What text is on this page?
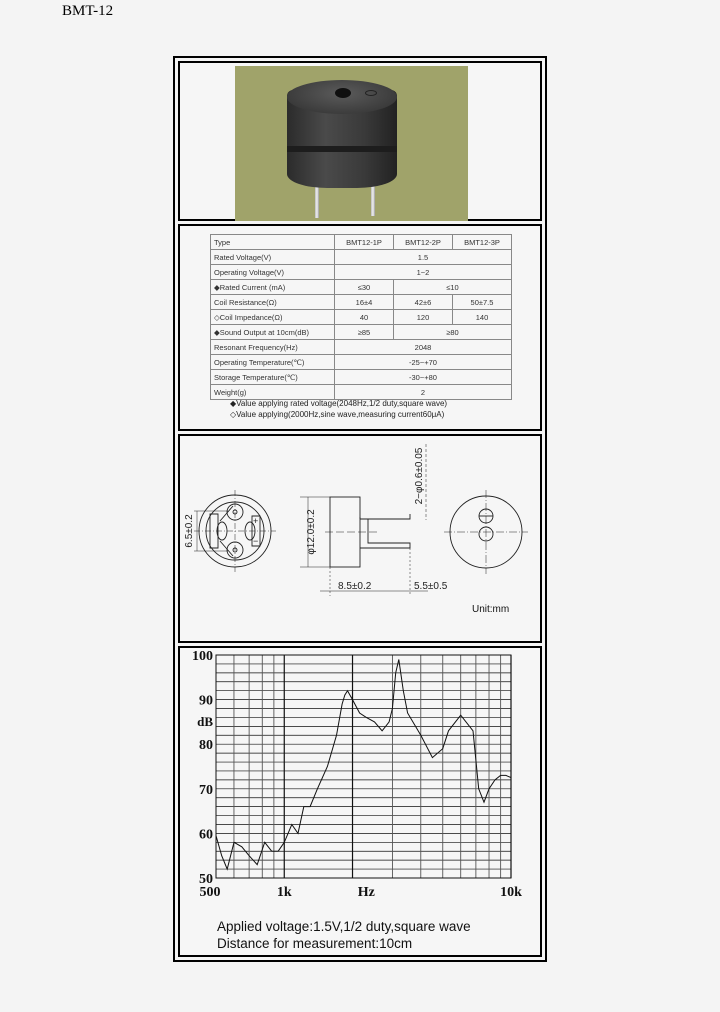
BMT-12
Type	BMT12-1P	BMT12-2P	BMT12-3P
Rated Voltage(V)	1.5		
Operating Voltage(V)	1~2		
◆Rated Current (mA)	≤30	≤10	
Coil Resistance(Ω)	16±4	42±6	50±7.5
◇Coil Impedance(Ω)	40	120	140
◆Sound Output at 10cm(dB)	≥85	≥80	
Resonant Frequency(Hz)	2048		
Operating Temperature(℃)	-25~+70		
Storage Temperature(℃)	-30~+80		
Weight(g)	2		
◆Value applying rated voltage(2048Hz,1/2 duty,square wave)
◇Value applying(2000Hz,sine wave,measuring current60μA)
6.5±0.2	φ12.0±0.2
2−φ0.6±0.05
8.5±0.2	5.5±0.5
+
−
Unit:mm
100
90
80
70
60
50
dB
500	1k	Hz	10k
Applied voltage:1.5V,1/2 duty,square wave
Distance for measurement:10cm
